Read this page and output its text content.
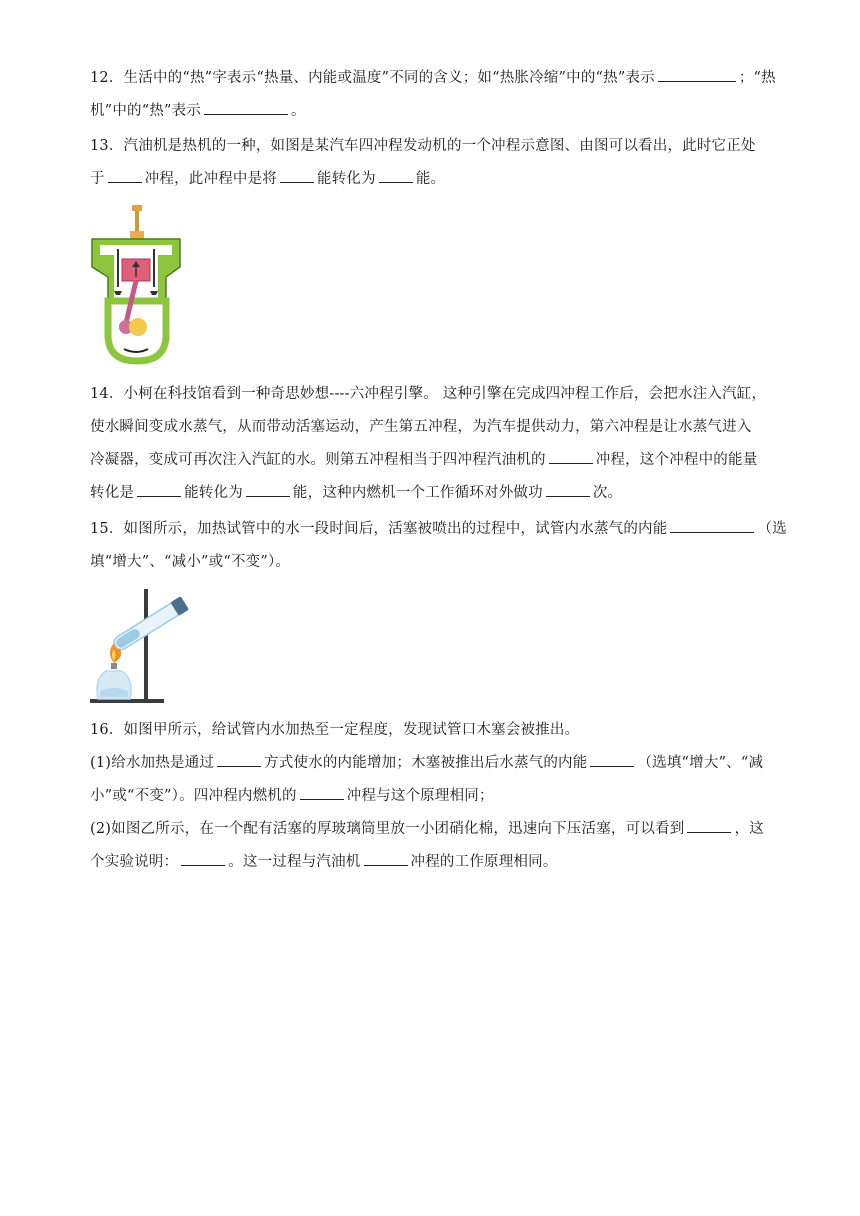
12．生活中的“热”字表示“热量、内能或温度”不同的含义；如“热胀冷缩”中的“热”表示	；“热

机”中的“热”表示	。

13．汽油机是热机的一种，如图是某汽车四冲程发动机的一个冲程示意图、由图可以看出，此时它正处

于	冲程，此冲程中是将	能转化为	能。

14．小柯在科技馆看到一种奇思妙想----六冲程引擎。 这种引擎在完成四冲程工作后，会把水注入汽缸，

使水瞬间变成水蒸气，从而带动活塞运动，产生第五冲程，为汽车提供动力，第六冲程是让水蒸气进入

冷凝器，变成可再次注入汽缸的水。则第五冲程相当于四冲程汽油机的	冲程，这个冲程中的能量

转化是	能转化为	能，这种内燃机一个工作循环对外做功	次。

15．如图所示，加热试管中的水一段时间后，活塞被喷出的过程中，试管内水蒸气的内能	（选

填“增大”、“减小”或“不变”）。

16．如图甲所示，给试管内水加热至一定程度，发现试管口木塞会被推出。

(1)给水加热是通过	方式使水的内能增加；木塞被推出后水蒸气的内能	（选填“增大”、“减

小”或“不变”）。四冲程内燃机的	冲程与这个原理相同；

(2)如图乙所示，在一个配有活塞的厚玻璃筒里放一小团硝化棉，迅速向下压活塞，可以看到	，这

个实验说明：	。这一过程与汽油机	冲程的工作原理相同。
